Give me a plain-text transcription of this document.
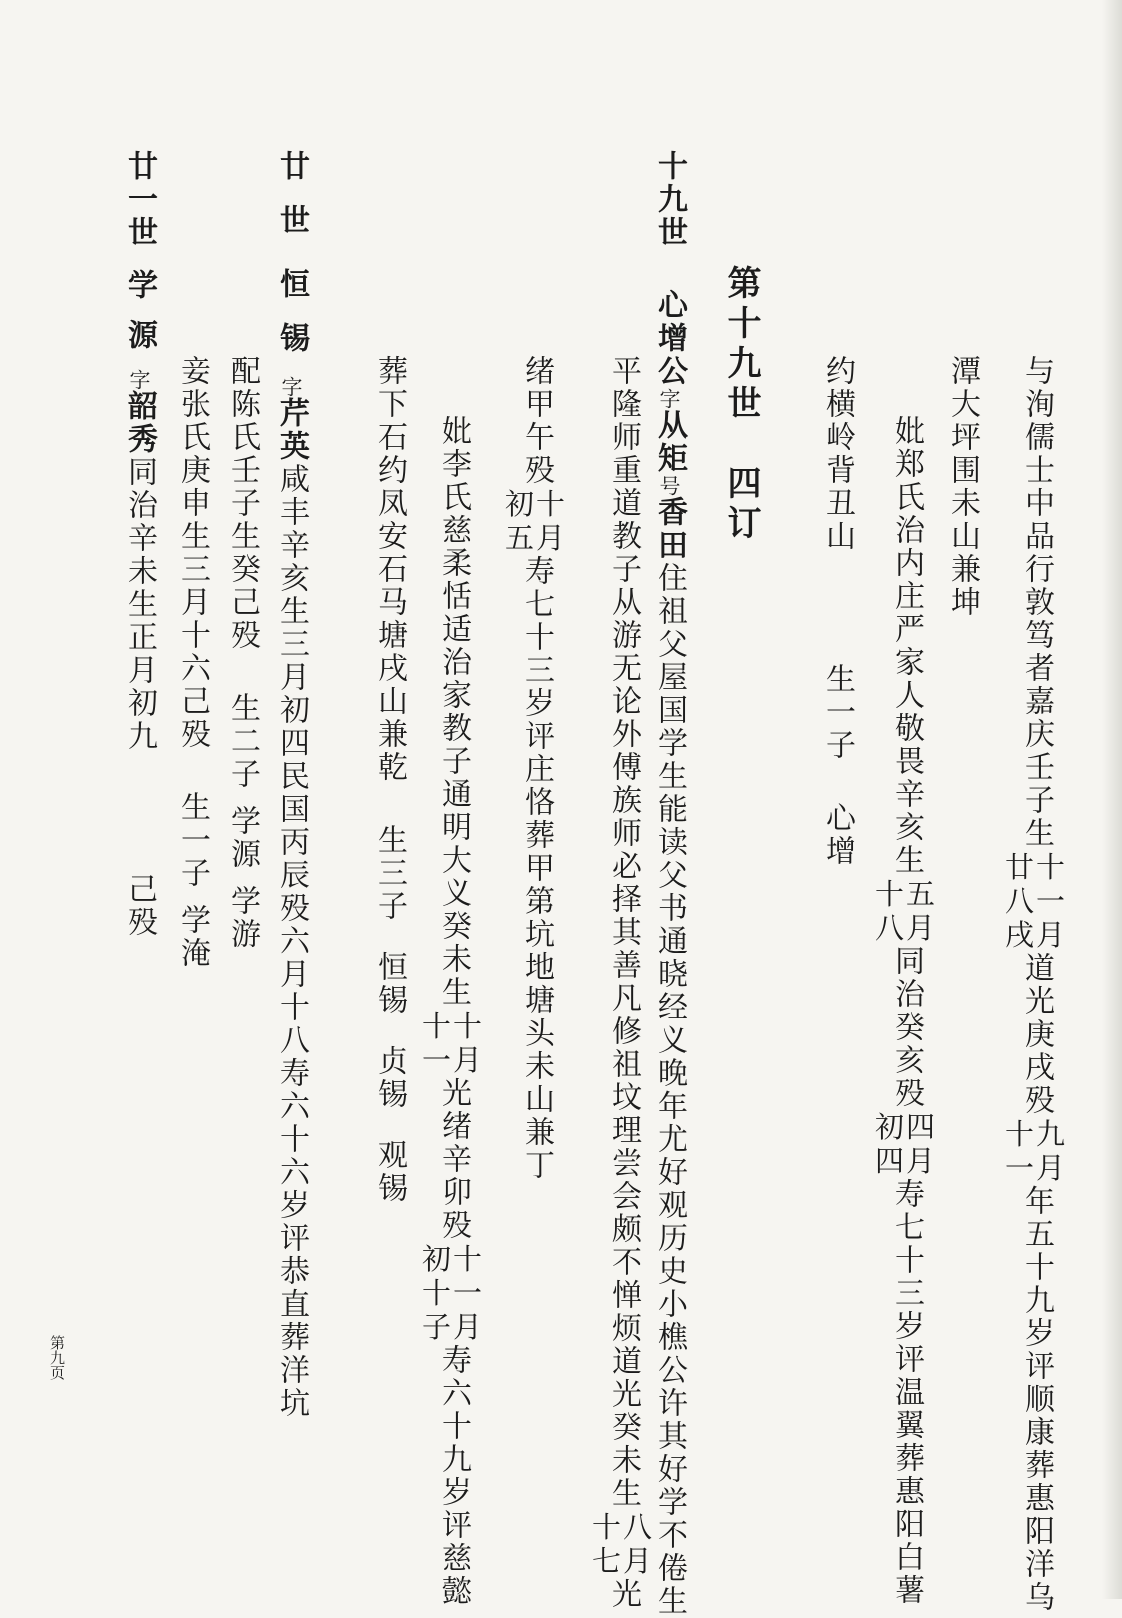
与洵儒士中品行敦笃者嘉庆壬子生
十
廿
一
八
月
戌
道光庚戌殁
九
十
月
一
年五十九岁评顺康葬惠阳洋乌
潭大坪围未山兼坤
妣郑氏治内庄严家人敬畏辛亥生
五
十
月
八
同治癸亥殁
四
初
月
四
寿七十三岁评温翼葬惠阳白薯
约横岭背丑山生一子心增
第十九世四订
十九世心增公字从矩号香田住祖父屋国学生能读父书通晓经义晚年尤好观历史小樵公许其好学不倦生
平隆师重道教子从游无论外傅族师必择其善凡修祖坟理尝会颇不惮烦道光癸未生
八
十
月
七
光
绪甲午殁
十
初
月
五
寿七十三岁评庄恪葬甲第坑地塘头未山兼丁
妣李氏慈柔恬适治家教子通明大义癸未生
十
十
月
一
光绪辛卯殁
十
初
一
十
月
子
寿六十九岁评慈懿
葬下石约凤安石马塘戌山兼乾生三子恒锡贞锡观锡
廿世恒锡字芹英咸丰辛亥生三月初四民国丙辰殁六月十八寿六十六岁评恭直葬洋坑
配陈氏壬子生癸己殁生二子学源学游
妾张氏庚申生三月十六己殁生一子学淹
廿一世学源字韶秀同治辛未生正月初九己殁
第九页
